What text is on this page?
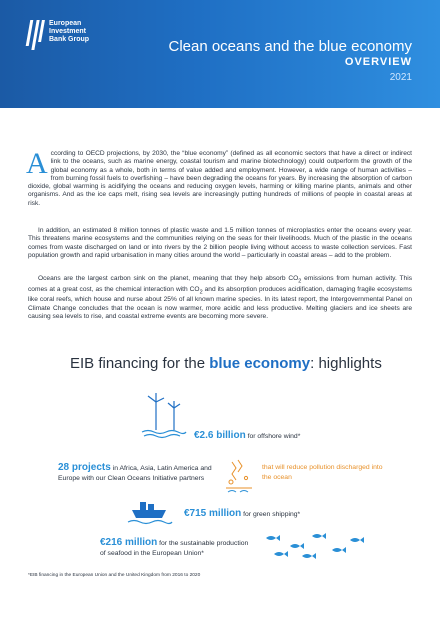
European
Investment
Bank Group	Clean oceans and the blue economy
OVERVIEW
2021

According to OECD projections, by 2030, the “blue economy” (defined as all economic sectors that have a direct or indirect link to the oceans, such as marine energy, coastal tourism and marine biotechnology) could outperform the growth of the global economy as a whole, both in terms of value added and employment. However, a wide range of human activities – from burning fossil fuels to overfishing – have been degrading the oceans for years. By increasing the absorption of carbon dioxide, global warming is acidifying the oceans and reducing oxygen levels, harming or killing marine plants, animals and other organisms. And as the ice caps melt, rising sea levels are increasingly putting hundreds of millions of people in coastal areas at risk.

In addition, an estimated 8 million tonnes of plastic waste and 1.5 million tonnes of microplastics enter the oceans every year. This threatens marine ecosystems and the communities relying on the seas for their livelihoods. Much of the plastic in the oceans comes from waste discharged on land or into rivers by the 2 billion people living without access to waste collection services. Fast population growth and rapid urbanisation in many cities around the world – particularly in coastal areas – add to the problem.

Oceans are the largest carbon sink on the planet, meaning that they help absorb $CO_2$ emissions from human activity. This comes at a great cost, as the chemical interaction with $CO_2$ and its absorption produces acidification, damaging fragile ecosystems like coral reefs, which house and nurse about 25% of all known marine species. In its latest report, the Intergovernmental Panel on Climate Change concludes that the ocean is now warmer, more acidic and less productive. Melting glaciers and ice sheets are causing sea levels to rise, and coastal extreme events are becoming more severe.

EIB financing for the blue economy: highlights
€2.6 billion for offshore wind*
28 projects in Africa, Asia, Latin America and Europe with our Clean Oceans Initiative partners
that will reduce pollution discharged into the ocean
€715 million for green shipping*
€216 million for the sustainable production of seafood in the European Union*
*EIB financing in the European Union and the United Kingdom from 2016 to 2020
